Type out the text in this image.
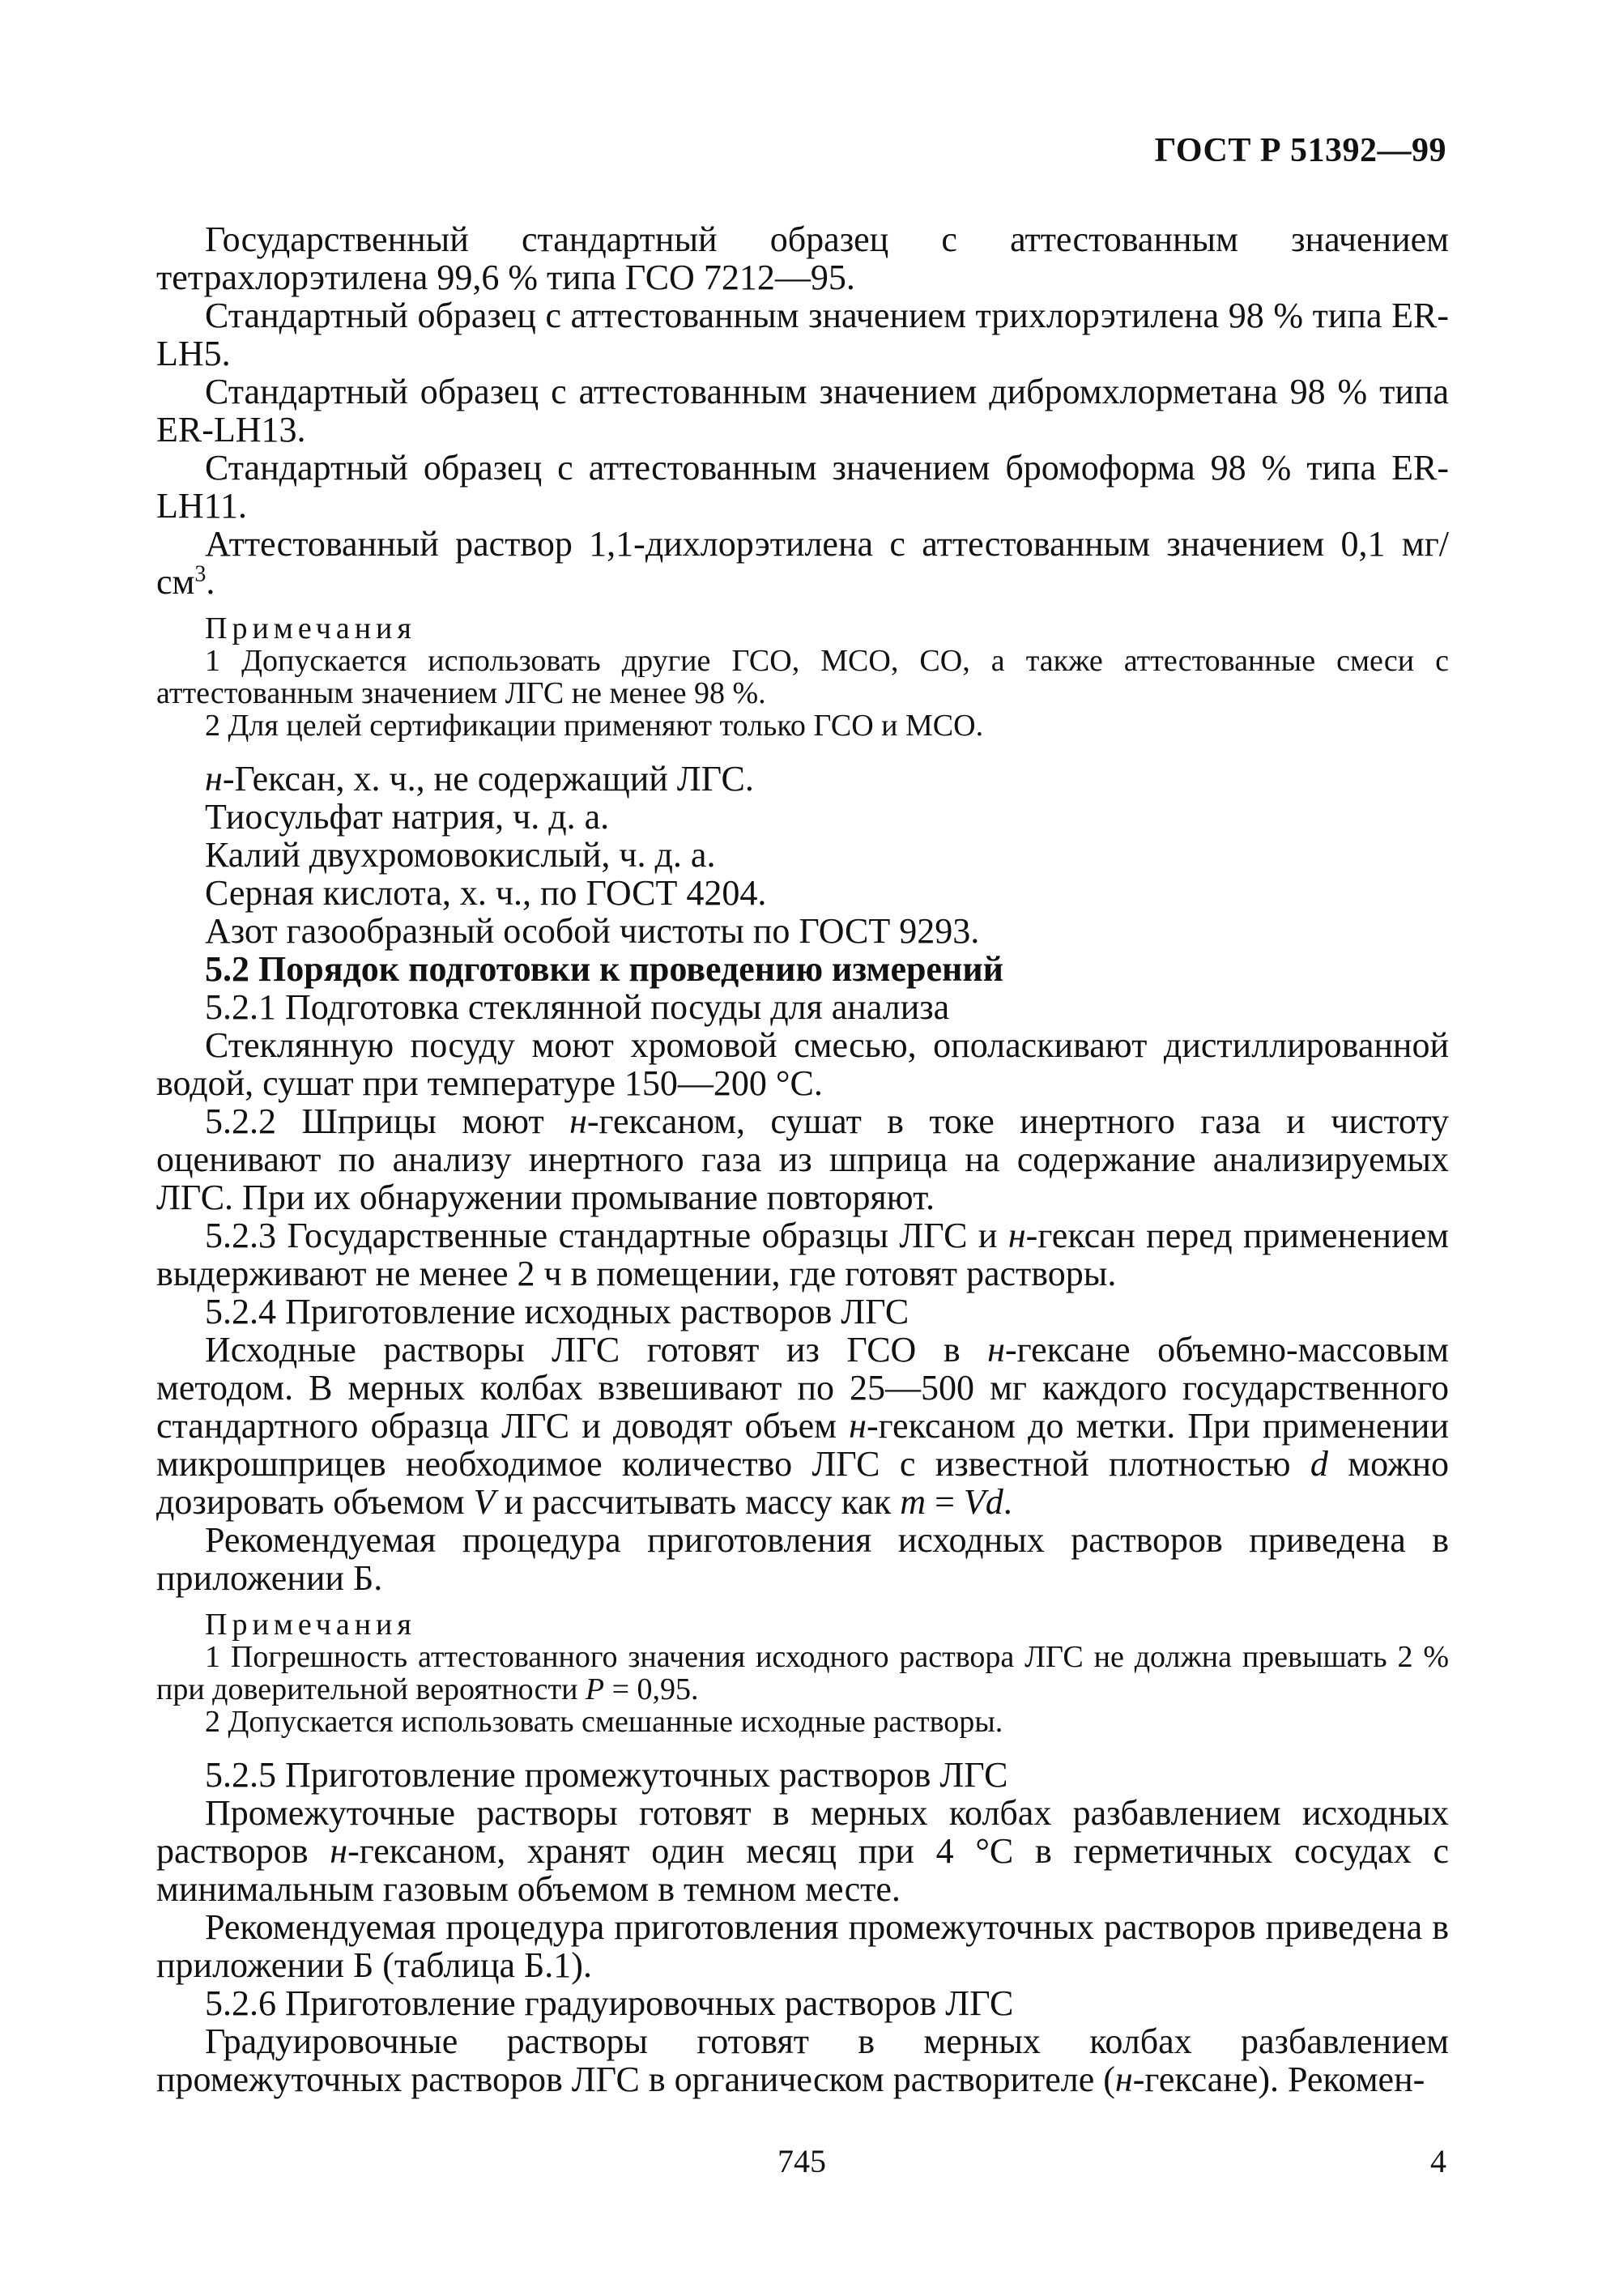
ГОСТ Р 51392—99
Государственный стандартный образец с аттестованным значением тетрахлорэтилена 99,6 % типа ГСО 7212—95.
Стандартный образец с аттестованным значением трихлорэтилена 98 % типа ER-LH5.
Стандартный образец с аттестованным значением дибромхлорметана 98 % типа ER-LH13.
Стандартный образец с аттестованным значением бромоформа 98 % типа ER-LH11.
Аттестованный раствор 1,1-дихлорэтилена с аттестованным значением 0,1 $мг/см^3$.
Примечания
1 Допускается использовать другие ГСО, МСО, СО, а также аттестованные смеси с аттестованным значением ЛГС не менее 98 %.
2 Для целей сертификации применяют только ГСО и МСО.
н-Гексан, х. ч., не содержащий ЛГС.
Тиосульфат натрия, ч. д. а.
Калий двухромовокислый, ч. д. а.
Серная кислота, х. ч., по ГОСТ 4204.
Азот газообразный особой чистоты по ГОСТ 9293.
5.2 Порядок подготовки к проведению измерений
5.2.1 Подготовка стеклянной посуды для анализа
Стеклянную посуду моют хромовой смесью, ополаскивают дистиллированной водой, сушат при температуре 150—200 °С.
5.2.2 Шприцы моют н-гексаном, сушат в токе инертного газа и чистоту оценивают по анализу инертного газа из шприца на содержание анализируемых ЛГС. При их обнаружении промывание повторяют.
5.2.3 Государственные стандартные образцы ЛГС и н-гексан перед применением выдерживают не менее 2 ч в помещении, где готовят растворы.
5.2.4 Приготовление исходных растворов ЛГС
Исходные растворы ЛГС готовят из ГСО в н-гексане объемно-массовым методом. В мерных колбах взвешивают по 25—500 мг каждого государственного стандартного образца ЛГС и доводят объем н-гексаном до метки. При применении микрошприцев необходимое количество ЛГС с известной плотностью d можно дозировать объемом V и рассчитывать массу как m = Vd.
Рекомендуемая процедура приготовления исходных растворов приведена в приложении Б.
Примечания
1 Погрешность аттестованного значения исходного раствора ЛГС не должна превышать 2 % при доверительной вероятности Р = 0,95.
2 Допускается использовать смешанные исходные растворы.
5.2.5 Приготовление промежуточных растворов ЛГС
Промежуточные растворы готовят в мерных колбах разбавлением исходных растворов н-гексаном, хранят один месяц при 4 °С в герметичных сосудах с минимальным газовым объемом в темном месте.
Рекомендуемая процедура приготовления промежуточных растворов приведена в приложении Б (таблица Б.1).
5.2.6 Приготовление градуировочных растворов ЛГС
Градуировочные растворы готовят в мерных колбах разбавлением промежуточных растворов ЛГС в органическом растворителе (н-гексане). Рекомен-
745	4
